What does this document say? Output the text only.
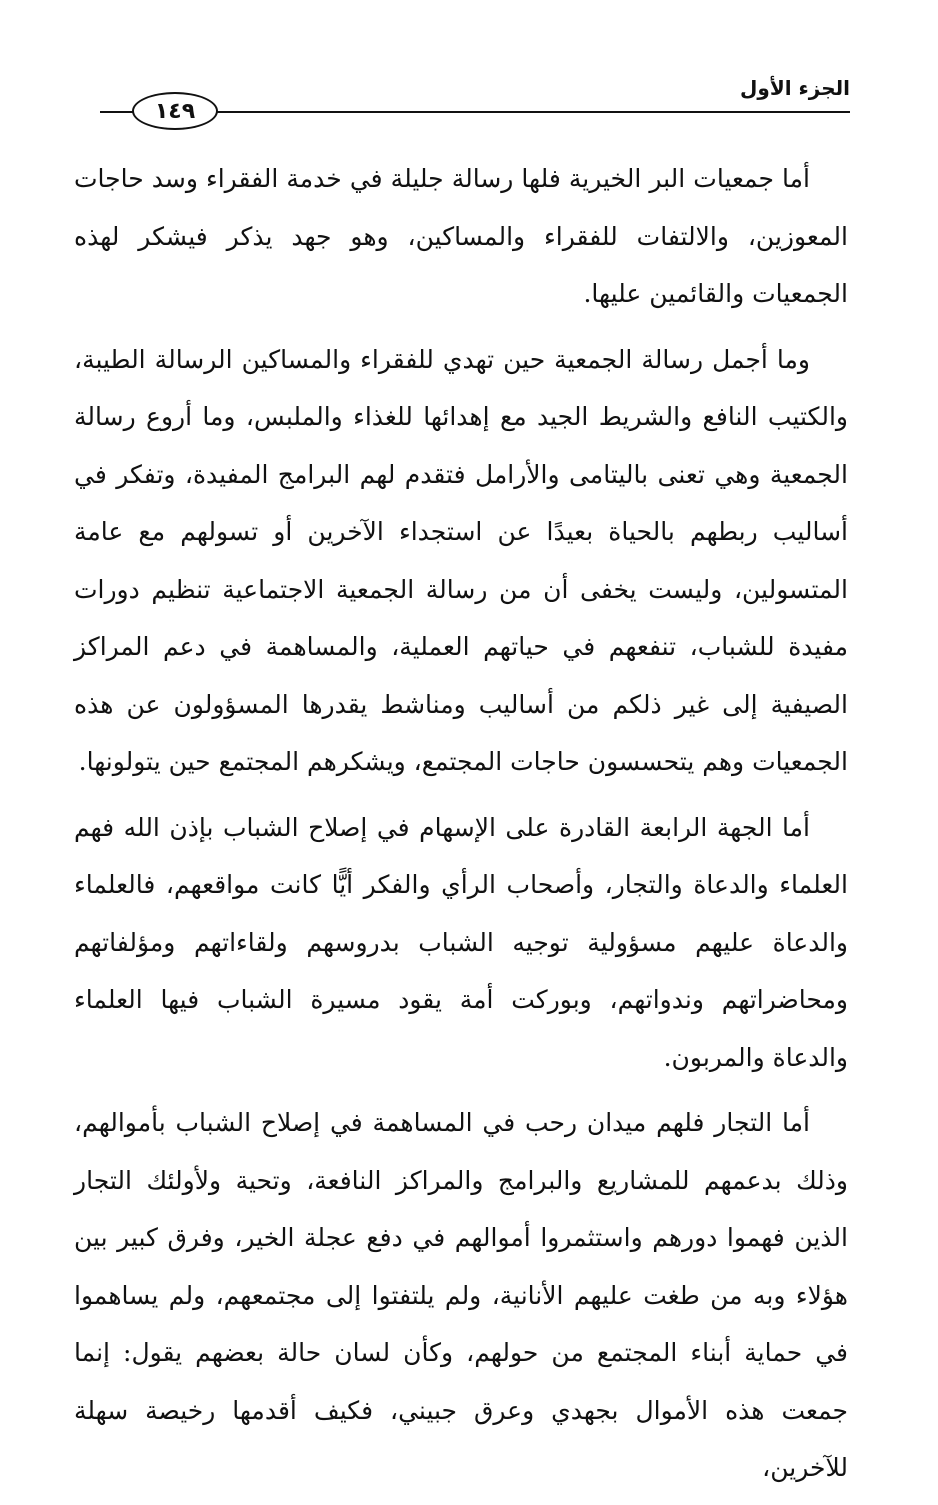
١٤٩
الجزء الأول

أما جمعيات البر الخيرية فلها رسالة جليلة في خدمة الفقراء وسد حاجات المعوزين، والالتفات للفقراء والمساكين، وهو جهد يذكر فيشكر لهذه الجمعيات والقائمين عليها.

وما أجمل رسالة الجمعية حين تهدي للفقراء والمساكين الرسالة الطيبة، والكتيب النافع والشريط الجيد مع إهدائها للغذاء والملبس، وما أروع رسالة الجمعية وهي تعنى باليتامى والأرامل فتقدم لهم البرامج المفيدة، وتفكر في أساليب ربطهم بالحياة بعيدًا عن استجداء الآخرين أو تسولهم مع عامة المتسولين، وليست يخفى أن من رسالة الجمعية الاجتماعية تنظيم دورات مفيدة للشباب، تنفعهم في حياتهم العملية، والمساهمة في دعم المراكز الصيفية إلى غير ذلكم من أساليب ومناشط يقدرها المسؤولون عن هذه الجمعيات وهم يتحسسون حاجات المجتمع، ويشكرهم المجتمع حين يتولونها.

أما الجهة الرابعة القادرة على الإسهام في إصلاح الشباب بإذن الله فهم العلماء والدعاة والتجار، وأصحاب الرأي والفكر أيًّا كانت مواقعهم، فالعلماء والدعاة عليهم مسؤولية توجيه الشباب بدروسهم ولقاءاتهم ومؤلفاتهم ومحاضراتهم وندواتهم، وبوركت أمة يقود مسيرة الشباب فيها العلماء والدعاة والمربون.

أما التجار فلهم ميدان رحب في المساهمة في إصلاح الشباب بأموالهم، وذلك بدعمهم للمشاريع والبرامج والمراكز النافعة، وتحية ولأولئك التجار الذين فهموا دورهم واستثمروا أموالهم في دفع عجلة الخير، وفرق كبير بين هؤلاء وبه من طغت عليهم الأنانية، ولم يلتفتوا إلى مجتمعهم، ولم يساهموا في حماية أبناء المجتمع من حولهم، وكأن لسان حالة بعضهم يقول: إنما جمعت هذه الأموال بجهدي وعرق جبيني، فكيف أقدمها رخيصة سهلة للآخرين،
